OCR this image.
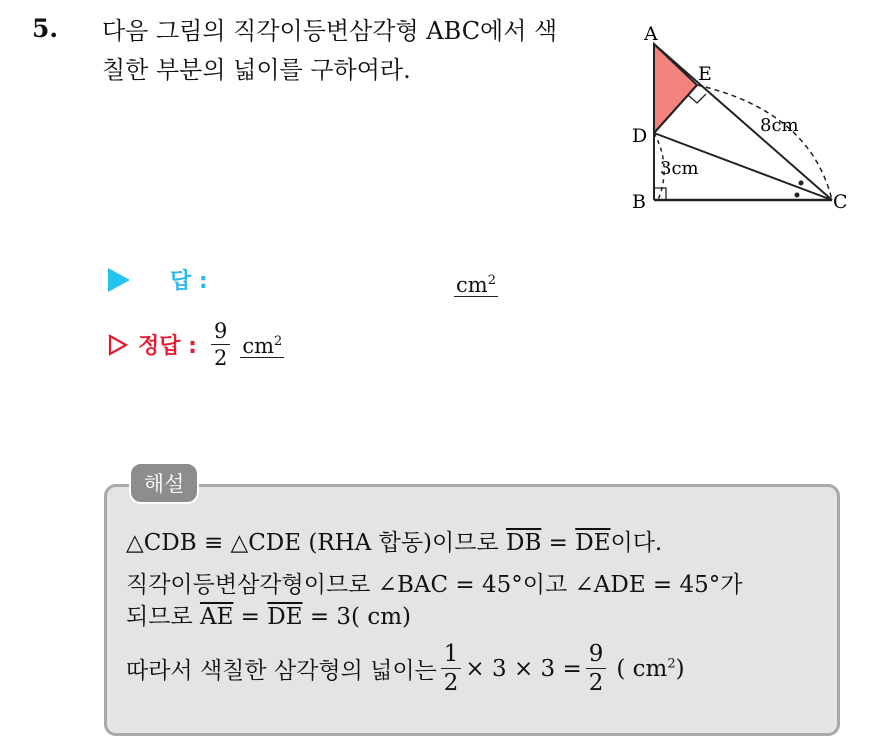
5. 다음 그림의 직각이등변삼각형 ABC에서 색
칠한 부분의 넓이를 구하여라.
A
E
D
B	C
8cm
3cm
답 :	$cm^2$
정답 : $\frac{9}{2} cm^2$
해설
△CDB ≡ △CDE (RHA 합동)이므로 $\overline{DB} = \overline{DE}$이다.
직각이등변삼각형이므로 ∠BAC = 45°이고 ∠ADE = 45°가
되므로 $\overline{AE} = \overline{DE} = 3$( cm)
따라서 색칠한 삼각형의 넓이는 $\frac{1}{2} \times 3 \times 3 = \frac{9}{2}$ ( $cm^2$)
